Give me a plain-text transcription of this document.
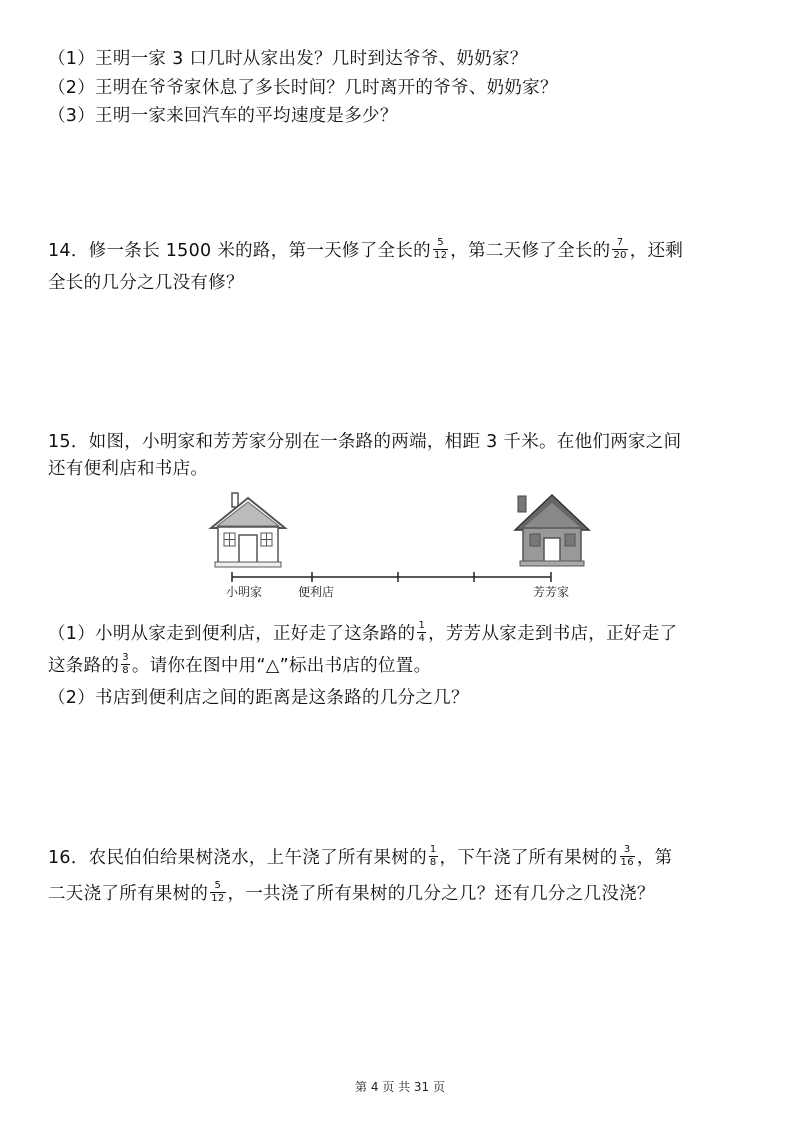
（1）王明一家 3 口几时从家出发？几时到达爷爷、奶奶家？
（2）王明在爷爷家休息了多长时间？几时离开的爷爷、奶奶家？
（3）王明一家来回汽车的平均速度是多少？
14．修一条长 1500 米的路，第一天修了全长的 $\frac{5}{12}$ ，第二天修了全长的 $\frac{7}{20}$ ，还剩
全长的几分之几没有修？
15．如图，小明家和芳芳家分别在一条路的两端，相距 3 千米。在他们两家之间
还有便利店和书店。
小明家	便利店	芳芳家
（1）小明从家走到便利店，正好走了这条路的 $\frac{1}{4}$ ，芳芳从家走到书店，正好走了
这条路的 $\frac{3}{8}$ 。请你在图中用“△”标出书店的位置。
（2）书店到便利店之间的距离是这条路的几分之几？
16．农民伯伯给果树浇水，上午浇了所有果树的 $\frac{1}{8}$ ，下午浇了所有果树的 $\frac{3}{16}$ ，第
二天浇了所有果树的 $\frac{5}{12}$ ，一共浇了所有果树的几分之几？还有几分之几没浇？
第 4 页 共 31 页
